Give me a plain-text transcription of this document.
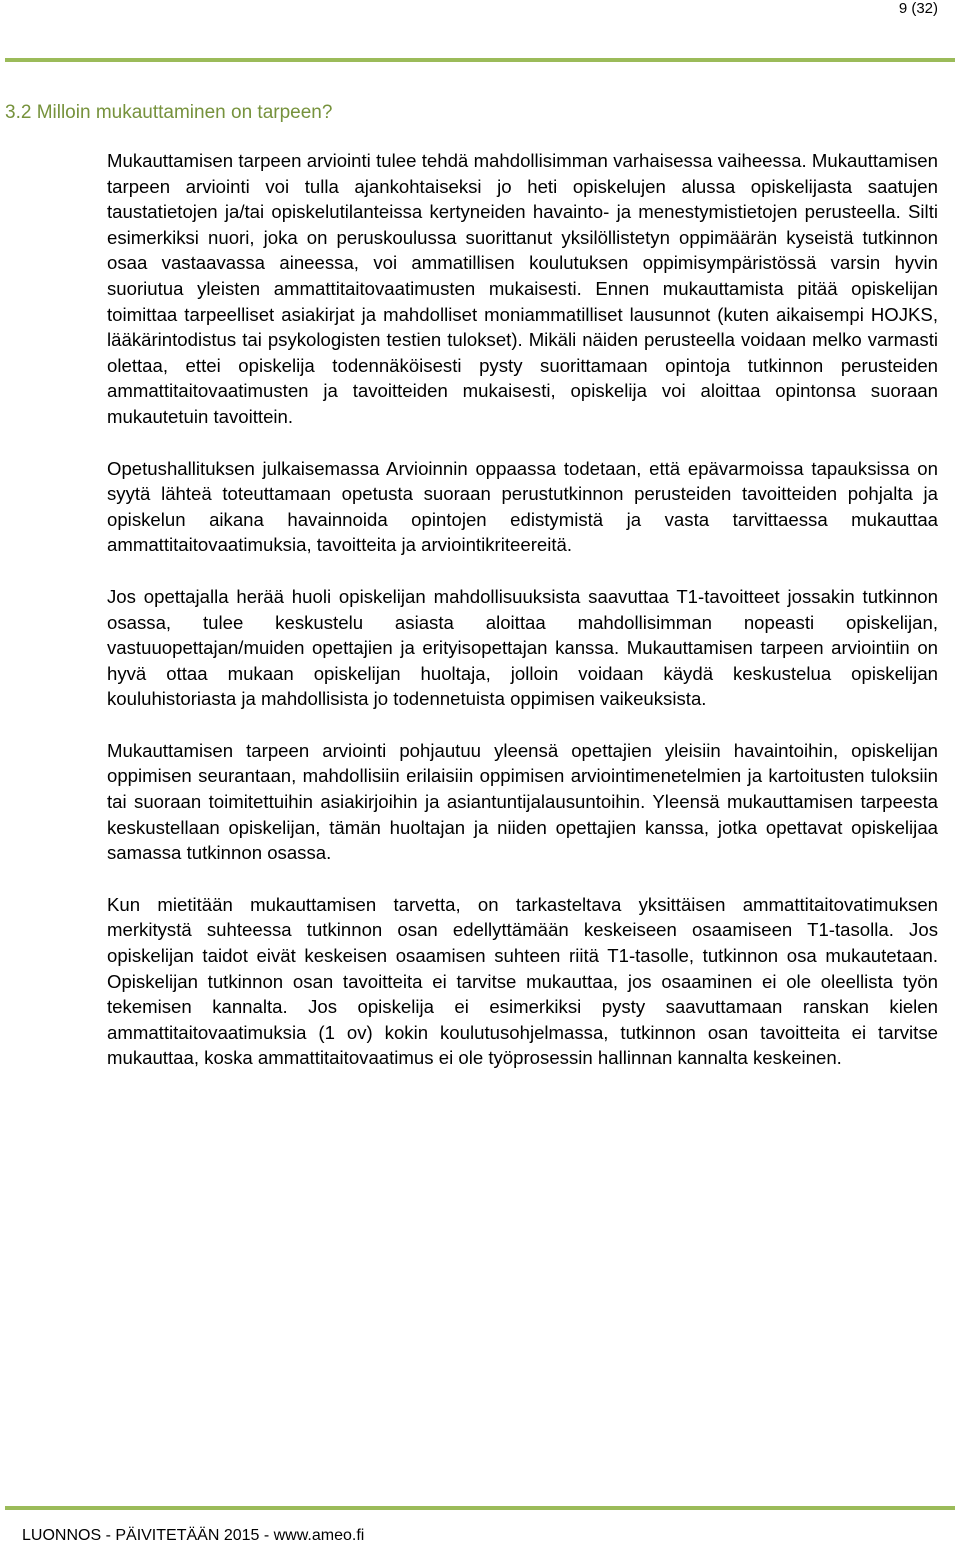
9 (32)
3.2 Milloin mukauttaminen on tarpeen?

Mukauttamisen tarpeen arviointi tulee tehdä mahdollisimman varhaisessa vaiheessa. Mukauttamisen tarpeen arviointi voi tulla ajankohtaiseksi jo heti opiskelujen alussa opiskelijasta saatujen taustatietojen ja/tai opiskelutilanteissa kertyneiden havainto- ja menestymistietojen perusteella. Silti esimerkiksi nuori, joka on peruskoulussa suorittanut yksilöllistetyn oppimäärän kyseistä tutkinnon osaa vastaavassa aineessa, voi ammatillisen koulutuksen oppimisympäristössä varsin hyvin suoriutua yleisten ammattitaitovaatimusten mukaisesti. Ennen mukauttamista pitää opiskelijan toimittaa tarpeelliset asiakirjat ja mahdolliset moniammatilliset lausunnot (kuten aikaisempi HOJKS, lääkärintodistus tai psykologisten testien tulokset). Mikäli näiden perusteella voidaan melko varmasti olettaa, ettei opiskelija todennäköisesti pysty suorittamaan opintoja tutkinnon perusteiden ammattitaitovaatimusten ja tavoitteiden mukaisesti, opiskelija voi aloittaa opintonsa suoraan mukautetuin tavoittein.

Opetushallituksen julkaisemassa Arvioinnin oppaassa todetaan, että epävarmoissa tapauksissa on syytä lähteä toteuttamaan opetusta suoraan perustutkinnon perusteiden tavoitteiden pohjalta ja opiskelun aikana havainnoida opintojen edistymistä ja vasta tarvittaessa mukauttaa ammattitaitovaatimuksia, tavoitteita ja arviointikriteereitä.

Jos opettajalla herää huoli opiskelijan mahdollisuuksista saavuttaa T1-tavoitteet jossakin tutkinnon osassa, tulee keskustelu asiasta aloittaa mahdollisimman nopeasti opiskelijan, vastuuopettajan/muiden opettajien ja erityisopettajan kanssa. Mukauttamisen tarpeen arviointiin on hyvä ottaa mukaan opiskelijan huoltaja, jolloin voidaan käydä keskustelua opiskelijan kouluhistoriasta ja mahdollisista jo todennetuista oppimisen vaikeuksista.

Mukauttamisen tarpeen arviointi pohjautuu yleensä opettajien yleisiin havaintoihin, opiskelijan oppimisen seurantaan, mahdollisiin erilaisiin oppimisen arviointimenetelmien ja kartoitusten tuloksiin tai suoraan toimitettuihin asiakirjoihin ja asiantuntijalausuntoihin. Yleensä mukauttamisen tarpeesta keskustellaan opiskelijan, tämän huoltajan ja niiden opettajien kanssa, jotka opettavat opiskelijaa samassa tutkinnon osassa.

Kun mietitään mukauttamisen tarvetta, on tarkasteltava yksittäisen ammattitaitovatimuksen merkitystä suhteessa tutkinnon osan edellyttämään keskeiseen osaamiseen T1-tasolla. Jos opiskelijan taidot eivät keskeisen osaamisen suhteen riitä T1-tasolle, tutkinnon osa mukautetaan. Opiskelijan tutkinnon osan tavoitteita ei tarvitse mukauttaa, jos osaaminen ei ole oleellista työn tekemisen kannalta. Jos opiskelija ei esimerkiksi pysty saavuttamaan ranskan kielen ammattitaitovaatimuksia (1 ov) kokin koulutusohjelmassa, tutkinnon osan tavoitteita ei tarvitse mukauttaa, koska ammattitaitovaatimus ei ole työprosessin hallinnan kannalta keskeinen.

LUONNOS - PÄIVITETÄÄN 2015 - www.ameo.fi
